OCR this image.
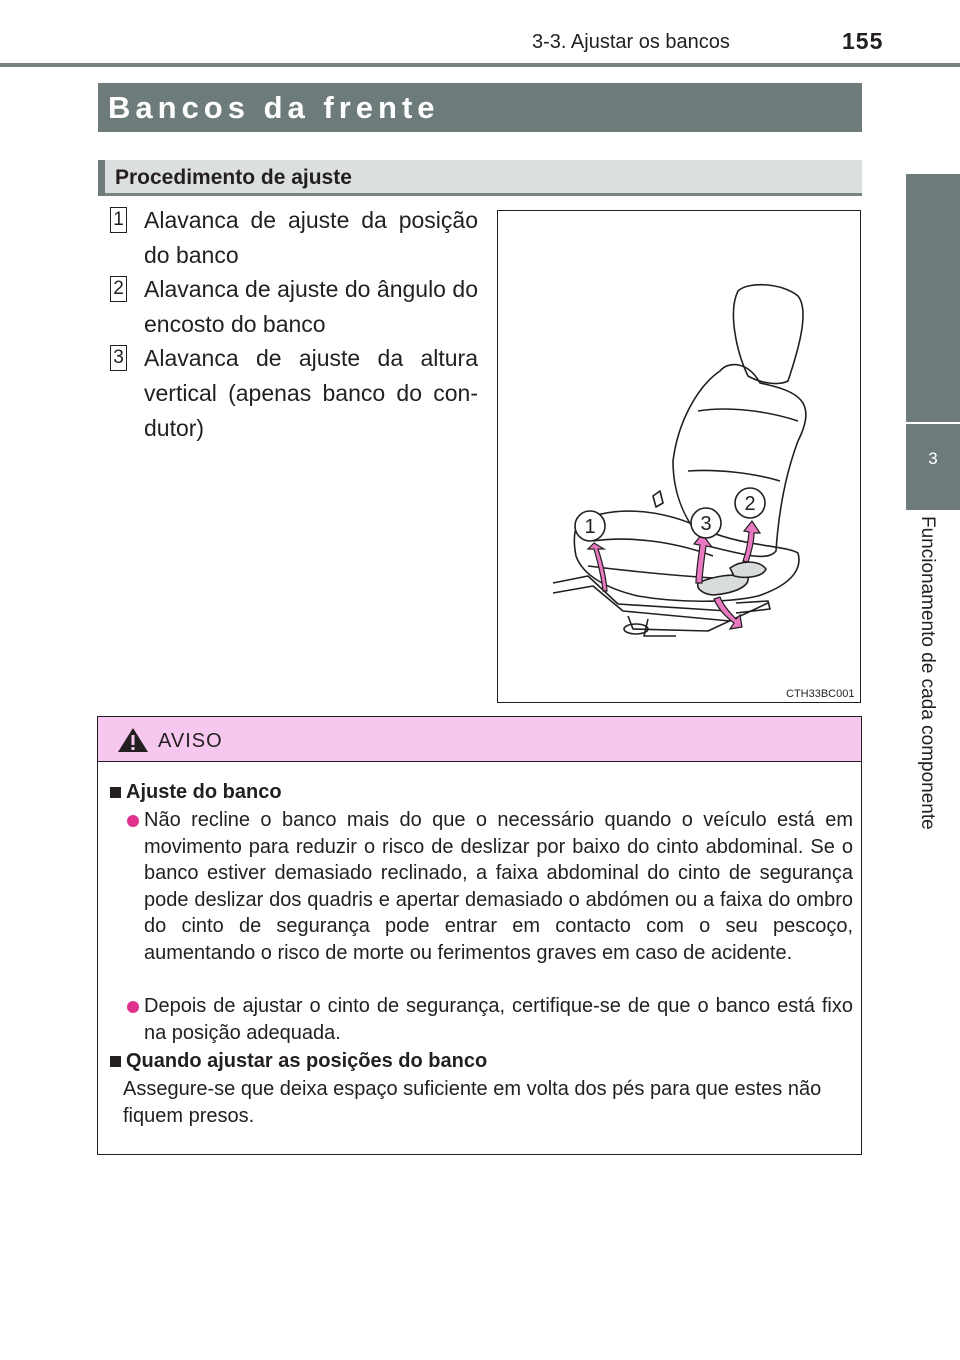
3-3. Ajustar os bancos	155
3
Funcionamento de cada componente
Bancos da frente
Procedimento de ajuste
1 Alavanca de ajuste da posição do banco
2 Alavanca de ajuste do ângulo do encosto do banco
3 Alavanca de ajuste da altura vertical (apenas banco do con-dutor)
1	3
2
CTH33BC001
AVISO
Ajuste do banco
Não recline o banco mais do que o necessário quando o veículo está em movimento para reduzir o risco de deslizar por baixo do cinto abdominal. Se o banco estiver demasiado reclinado, a faixa abdominal do cinto de segurança pode deslizar dos quadris e apertar demasiado o abdómen ou a faixa do ombro do cinto de segurança pode entrar em contacto com o seu pescoço, aumentando o risco de morte ou ferimentos graves em caso de acidente.
Depois de ajustar o cinto de segurança, certifique-se de que o banco está fixo na posição adequada.
Quando ajustar as posições do banco
Assegure-se que deixa espaço suficiente em volta dos pés para que estes não fiquem presos.
